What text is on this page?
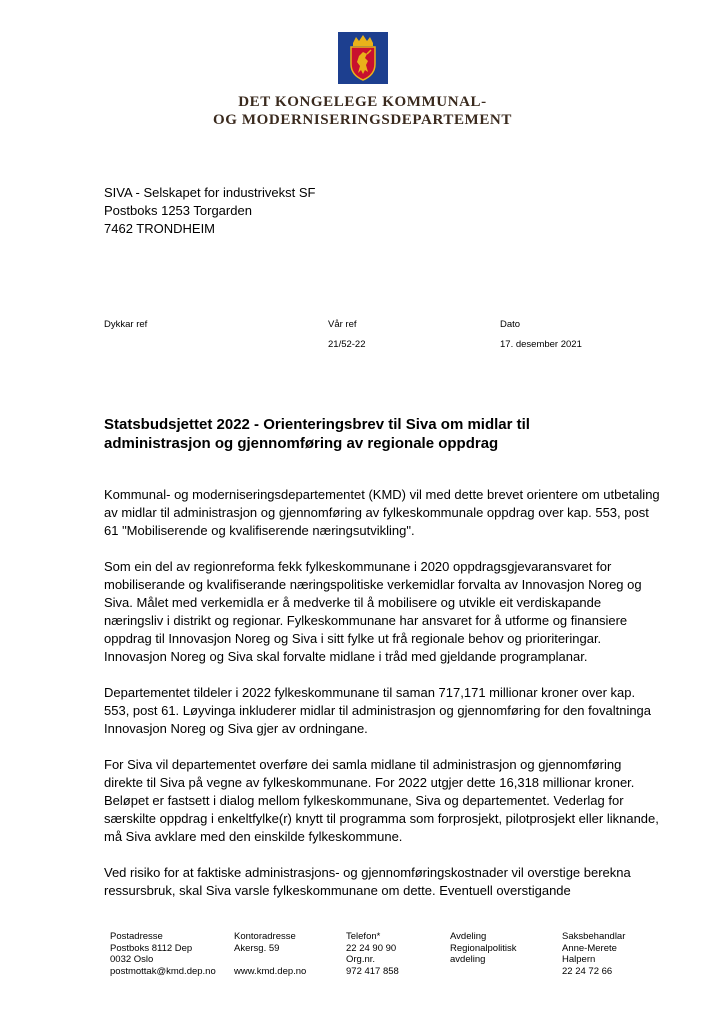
DET KONGELEGE KOMMUNAL-
OG MODERNISERINGSDEPARTEMENT
SIVA - Selskapet for industrivekst SF
Postboks 1253 Torgarden
7462 TRONDHEIM
Dykkar ref	Vår ref
21/52-22
Dato
17. desember 2021
Statsbudsjettet 2022 - Orienteringsbrev til Siva om midlar til
administrasjon og gjennomføring av regionale oppdrag

Kommunal- og moderniseringsdepartementet (KMD) vil med dette brevet orientere om utbetaling av midlar til administrasjon og gjennomføring av fylkeskommunale oppdrag over kap. 553, post 61 "Mobiliserende og kvalifiserende næringsutvikling".

Som ein del av regionreforma fekk fylkeskommunane i 2020 oppdragsgjevaransvaret for mobiliserande og kvalifiserande næringspolitiske verkemidlar forvalta av Innovasjon Noreg og Siva. Målet med verkemidla er å medverke til å mobilisere og utvikle eit verdiskapande næringsliv i distrikt og regionar. Fylkeskommunane har ansvaret for å utforme og finansiere oppdrag til Innovasjon Noreg og Siva i sitt fylke ut frå regionale behov og prioriteringar. Innovasjon Noreg og Siva skal forvalte midlane i tråd med gjeldande programplanar.

Departementet tildeler i 2022 fylkeskommunane til saman 717,171 millionar kroner over kap. 553, post 61. Løyvinga inkluderer midlar til administrasjon og gjennomføring for den fovaltninga Innovasjon Noreg og Siva gjer av ordningane.

For Siva vil departementet overføre dei samla midlane til administrasjon og gjennomføring direkte til Siva på vegne av fylkeskommunane. For 2022 utgjer dette 16,318 millionar kroner. Beløpet er fastsett i dialog mellom fylkeskommunane, Siva og departementet. Vederlag for særskilte oppdrag i enkeltfylke(r) knytt til programma som forprosjekt, pilotprosjekt eller liknande, må Siva avklare med den einskilde fylkeskommune.

Ved risiko for at faktiske administrasjons- og gjennomføringskostnader vil overstige berekna ressursbruk, skal Siva varsle fylkeskommunane om dette. Eventuell overstigande

Postadresse
Postboks 8112 Dep
0032 Oslo
postmottak@kmd.dep.no
Kontoradresse
Akersg. 59
www.kmd.dep.no
Telefon*
22 24 90 90
Org.nr.
972 417 858
Avdeling
Regionalpolitisk
avdeling
Saksbehandlar
Anne-Merete
Halpern
22 24 72 66
